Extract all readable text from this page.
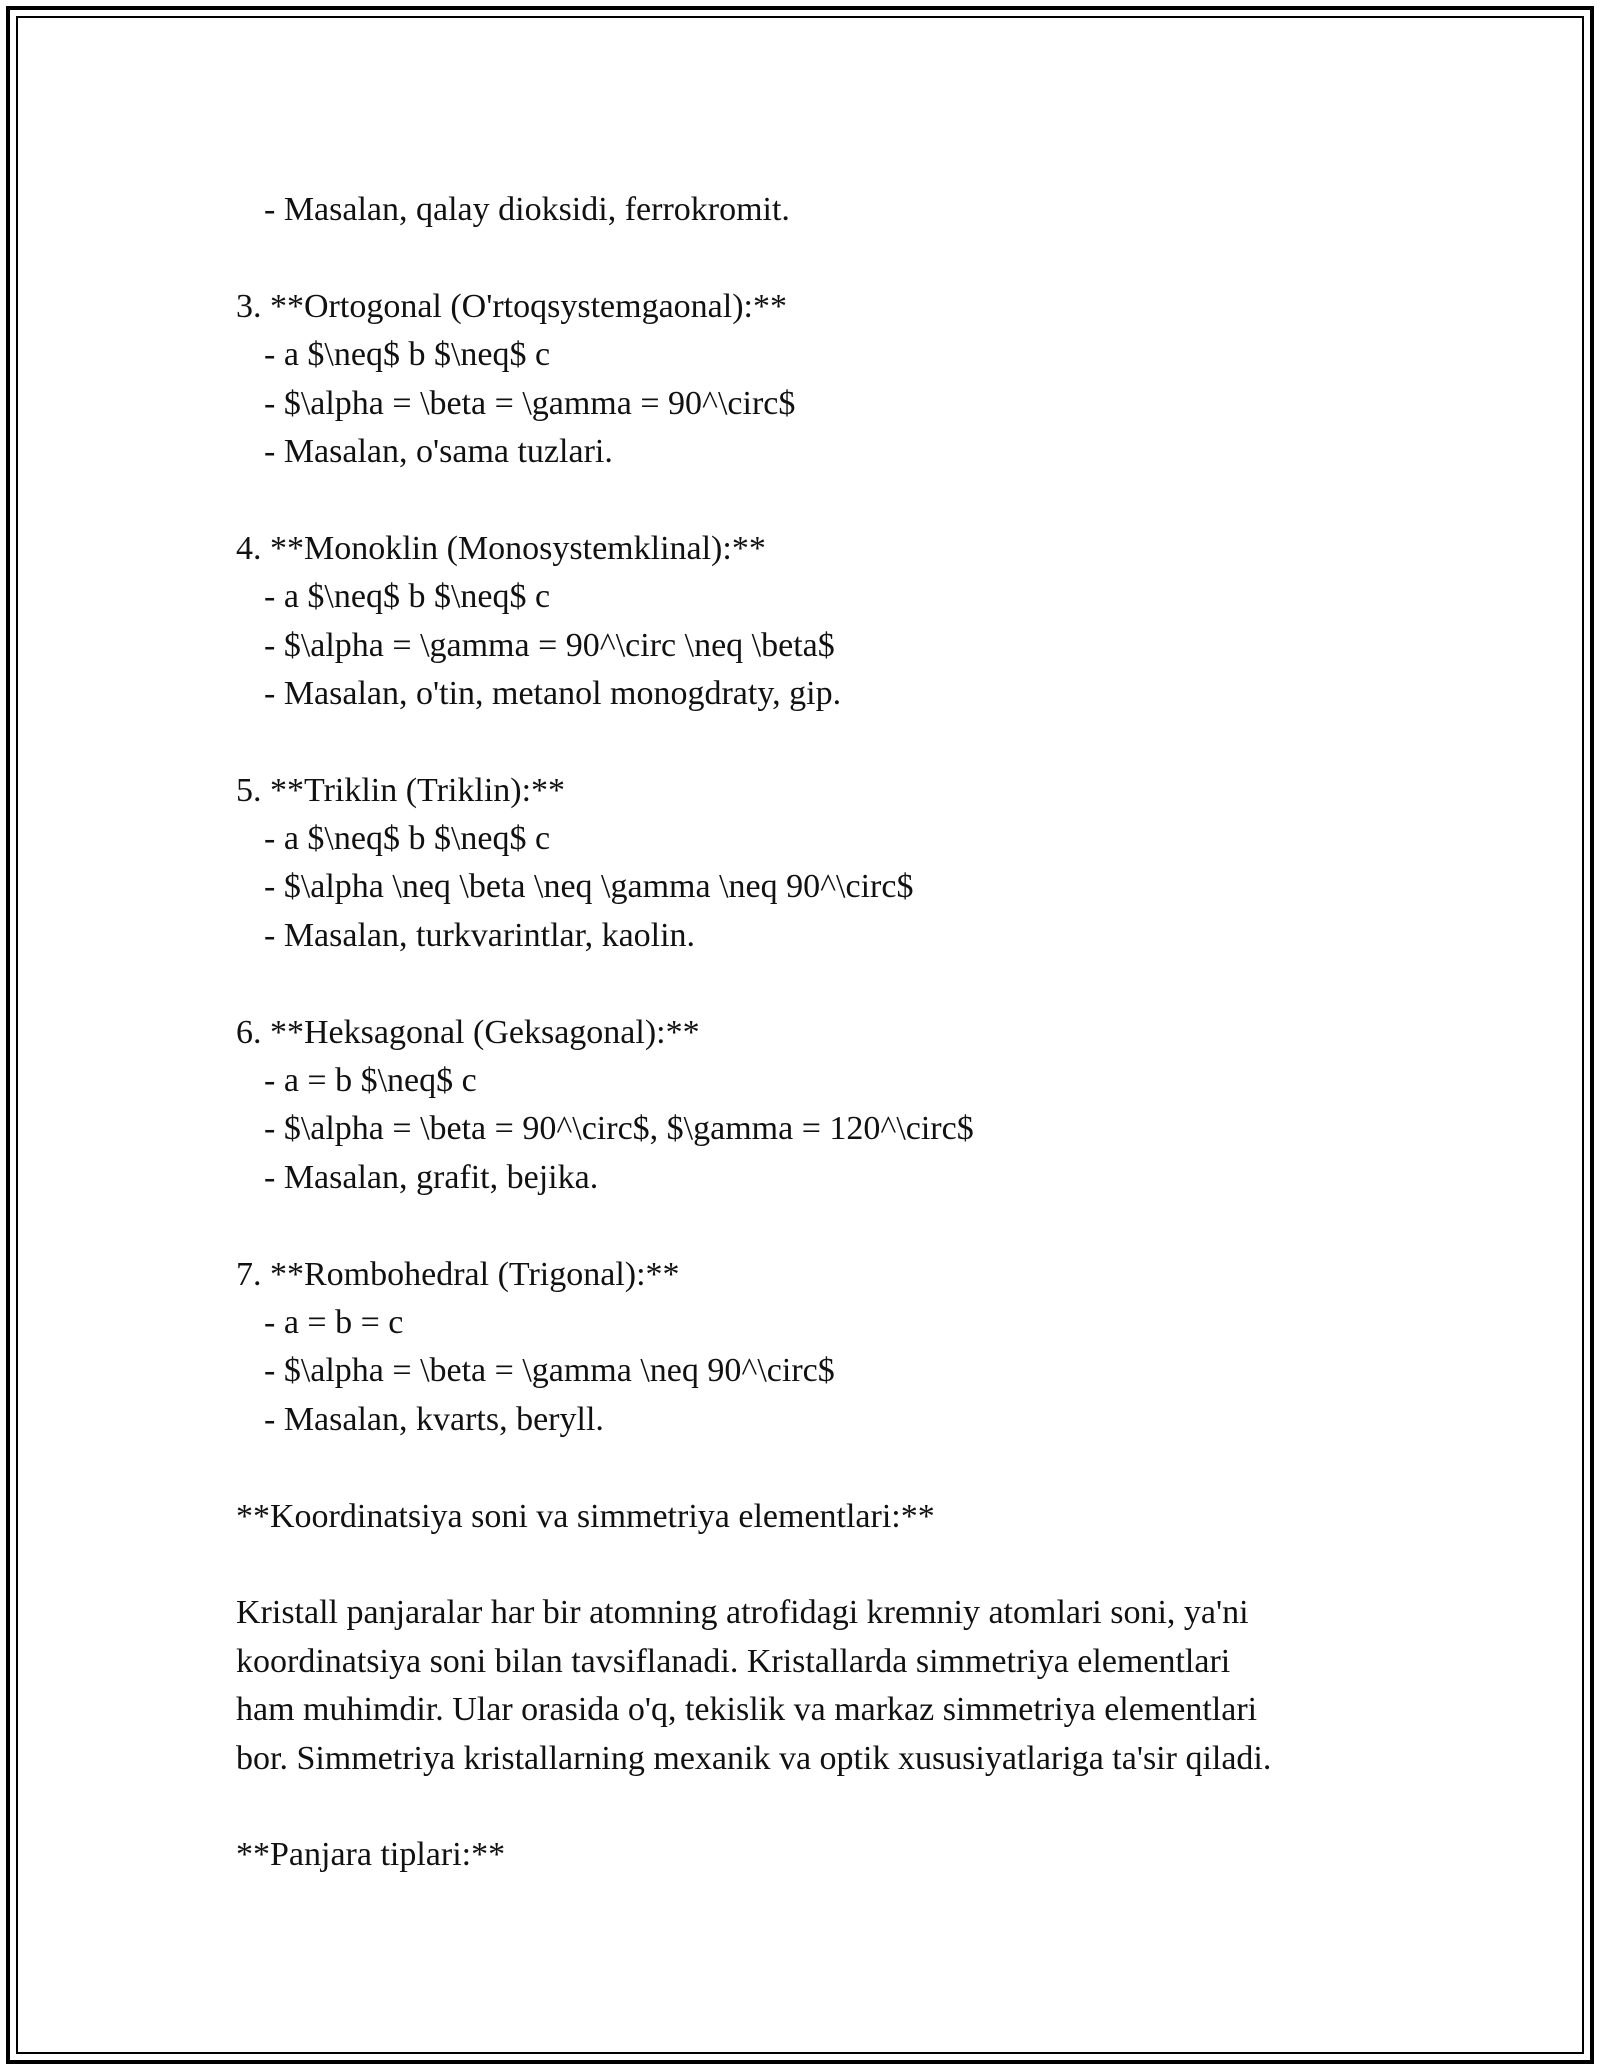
- Masalan, qalay dioksidi, ferrokromit.
3. **Ortogonal (O'rtoqsystemgaonal):**
- a $\neq$ b $\neq$ c
- $\alpha = \beta = \gamma = 90^\circ$
- Masalan, o'sama tuzlari.
4. **Monoklin (Monosystemklinal):**
- a $\neq$ b $\neq$ c
- $\alpha = \gamma = 90^\circ \neq \beta$
- Masalan, o'tin, metanol monogdraty, gip.
5. **Triklin (Triklin):**
- a $\neq$ b $\neq$ c
- $\alpha \neq \beta \neq \gamma \neq 90^\circ$
- Masalan, turkvarintlar, kaolin.
6. **Heksagonal (Geksagonal):**
- a = b $\neq$ c
- $\alpha = \beta = 90^\circ$, $\gamma = 120^\circ$
- Masalan, grafit, bejika.
7. **Rombohedral (Trigonal):**
- a = b = c
- $\alpha = \beta = \gamma \neq 90^\circ$
- Masalan, kvarts, beryll.
**Koordinatsiya soni va simmetriya elementlari:**
Kristall panjaralar har bir atomning atrofidagi kremniy atomlari soni, ya'ni
koordinatsiya soni bilan tavsiflanadi. Kristallarda simmetriya elementlari
ham muhimdir. Ular orasida o'q, tekislik va markaz simmetriya elementlari
bor. Simmetriya kristallarning mexanik va optik xususiyatlariga ta'sir qiladi.
**Panjara tiplari:**
